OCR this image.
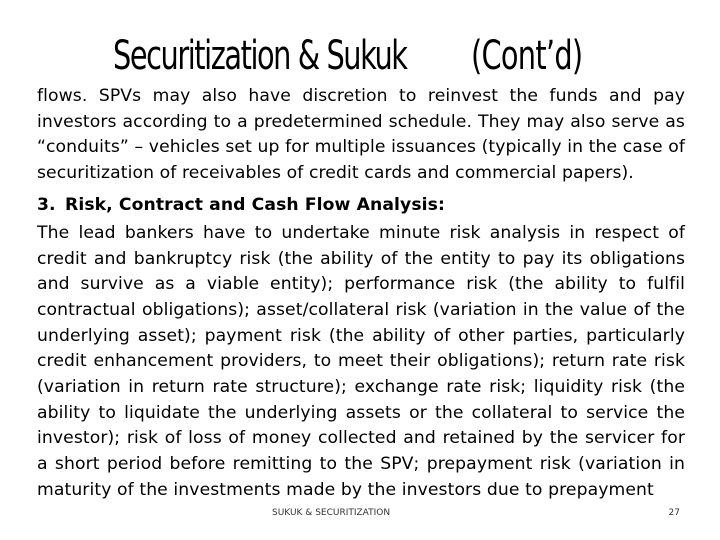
Securitization & Sukuk (Cont’d)

flows. SPVs may also have discretion to reinvest the funds and pay investors according to a predetermined schedule. They may also serve as “conduits” – vehicles set up for multiple issuances (typically in the case of securitization of receivables of credit cards and commercial papers).

3. Risk, Contract and Cash Flow Analysis:

The lead bankers have to undertake minute risk analysis in respect of credit and bankruptcy risk (the ability of the entity to pay its obligations and survive as a viable entity); performance risk (the ability to fulfil contractual obligations); asset/collateral risk (variation in the value of the underlying asset); payment risk (the ability of other parties, particularly credit enhancement providers, to meet their obligations); return rate risk (variation in return rate structure); exchange rate risk; liquidity risk (the ability to liquidate the underlying assets or the collateral to service the investor); risk of loss of money collected and retained by the servicer for a short period before remitting to the SPV; prepayment risk (variation in maturity of the investments made by the investors due to prepayment

SUKUK & SECURITIZATION	27
